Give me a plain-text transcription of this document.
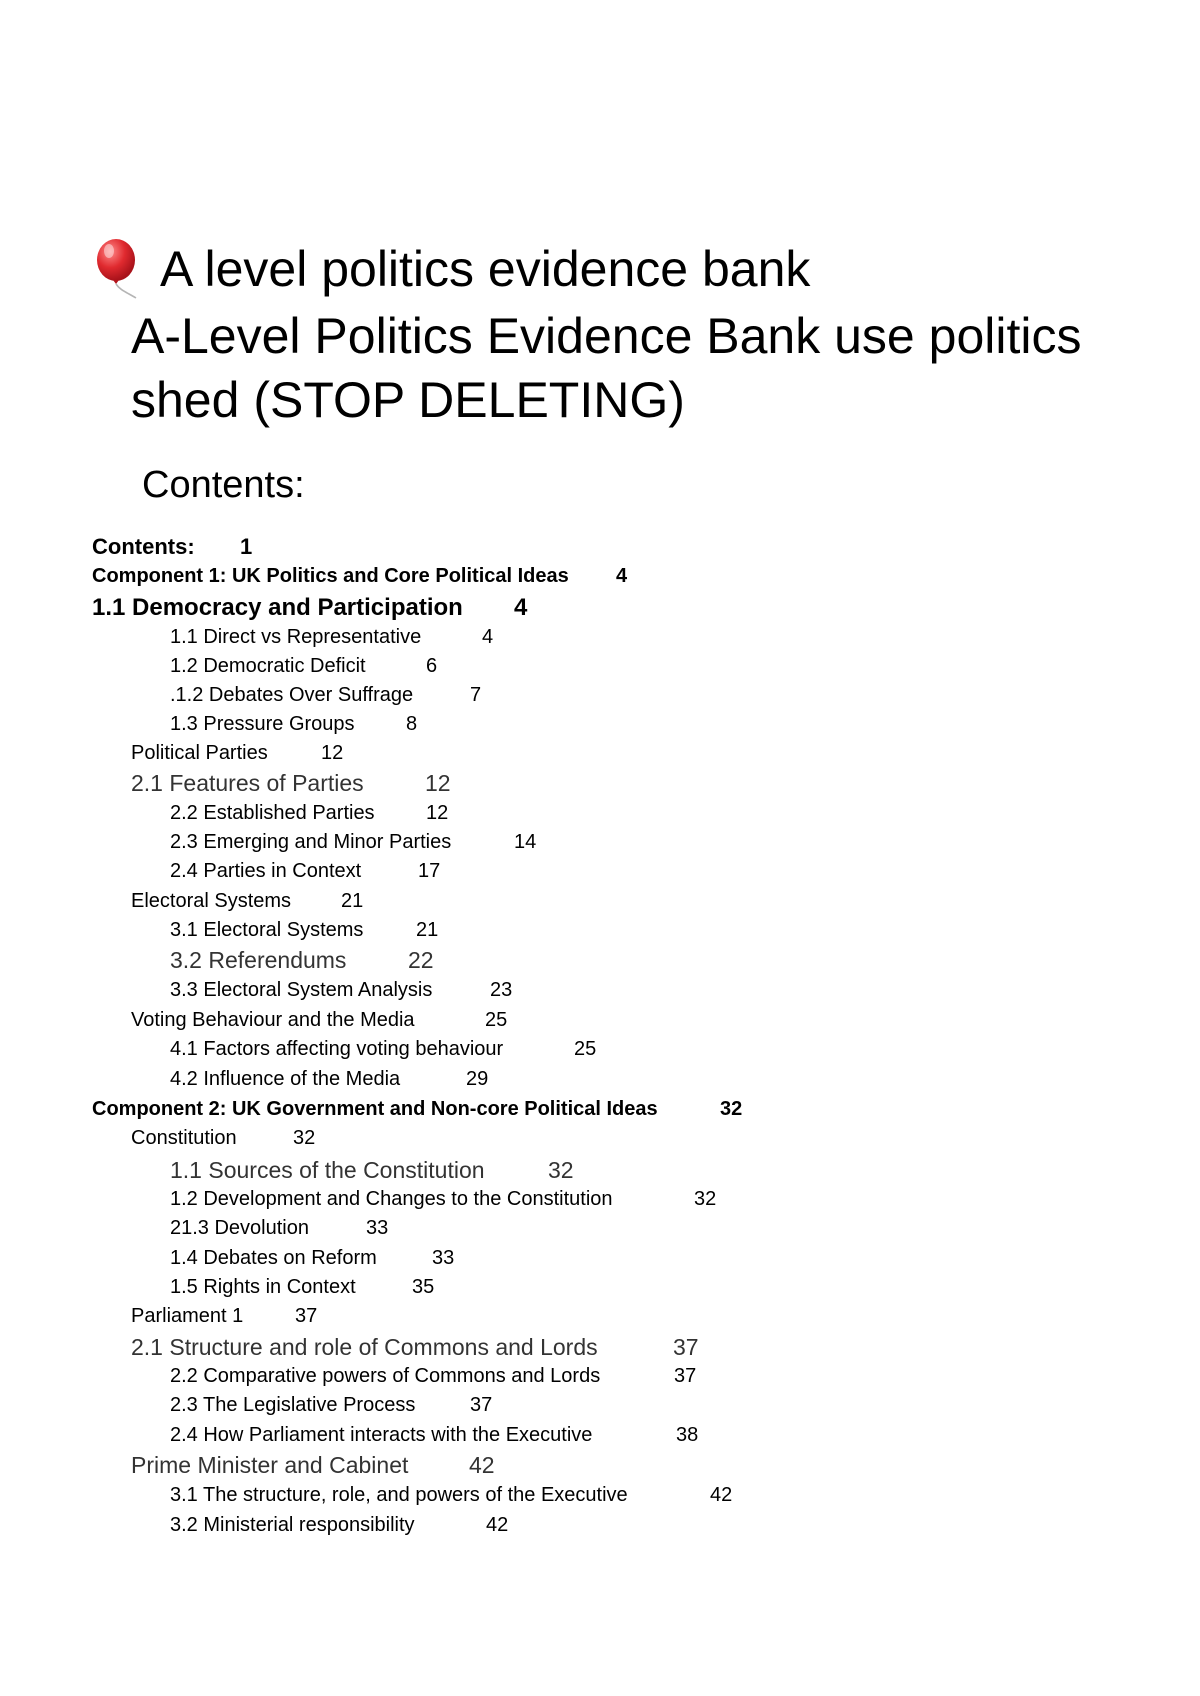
A level politics evidence bank
A-Level Politics Evidence Bank use politics shed (STOP DELETING)
Contents:
Contents:	1
Component 1: UK Politics and Core Political Ideas	4
1.1 Democracy and Participation	4
1.1 Direct vs Representative	4
1.2 Democratic Deficit	6
.1.2 Debates Over Suffrage	7
1.3 Pressure Groups	8
Political Parties	12
2.1 Features of Parties	12
2.2 Established Parties	12
2.3 Emerging and Minor Parties	14
2.4 Parties in Context	17
Electoral Systems	21
3.1 Electoral Systems	21
3.2 Referendums	22
3.3 Electoral System Analysis	23
Voting Behaviour and the Media	25
4.1 Factors affecting voting behaviour	25
4.2 Influence of the Media	29
Component 2: UK Government and Non-core Political Ideas	32
Constitution	32
1.1 Sources of the Constitution	32
1.2 Development and Changes to the Constitution	32
21.3 Devolution	33
1.4 Debates on Reform	33
1.5 Rights in Context	35
Parliament 1	37
2.1 Structure and role of Commons and Lords	37
2.2 Comparative powers of Commons and Lords	37
2.3 The Legislative Process	37
2.4 How Parliament interacts with the Executive	38
Prime Minister and Cabinet	42
3.1 The structure, role, and powers of the Executive	42
3.2 Ministerial responsibility	42
